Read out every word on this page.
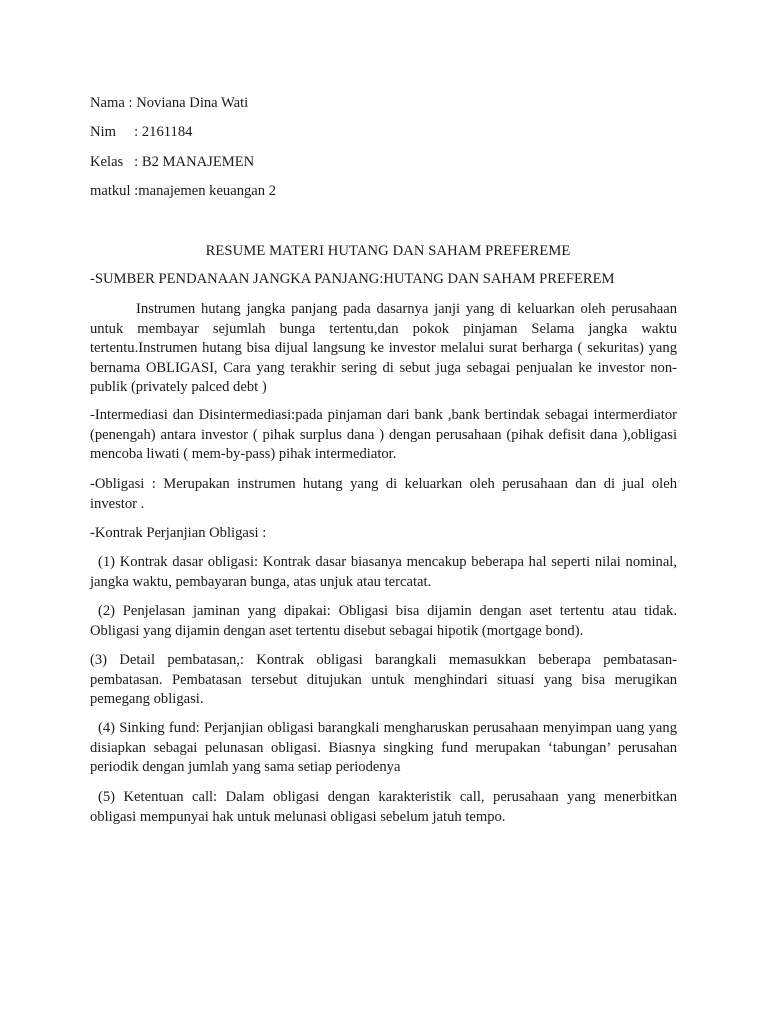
Nama : Noviana Dina Wati
Nim     : 2161184
Kelas   : B2 MANAJEMEN
matkul :manajemen keuangan 2
RESUME MATERI HUTANG DAN SAHAM PREFEREME
-SUMBER PENDANAAN JANGKA PANJANG:HUTANG DAN SAHAM PREFEREM

Instrumen hutang jangka panjang pada dasarnya janji yang di keluarkan oleh perusahaan untuk membayar sejumlah bunga tertentu,dan pokok pinjaman Selama jangka waktu tertentu.Instrumen hutang bisa dijual langsung ke investor melalui surat berharga ( sekuritas) yang bernama OBLIGASI, Cara yang terakhir sering di sebut juga sebagai penjualan ke investor non-publik (privately palced debt )

-Intermediasi dan Disintermediasi:pada pinjaman dari bank ,bank bertindak sebagai intermerdiator (penengah) antara investor ( pihak surplus dana ) dengan perusahaan (pihak defisit dana ),obligasi mencoba liwati ( mem-by-pass) pihak intermediator.

-Obligasi : Merupakan instrumen hutang yang di keluarkan oleh perusahaan dan di jual oleh investor .

-Kontrak Perjanjian Obligasi :

(1) Kontrak dasar obligasi: Kontrak dasar biasanya mencakup beberapa hal seperti nilai nominal, jangka waktu, pembayaran bunga, atas unjuk atau tercatat.

(2) Penjelasan jaminan yang dipakai: Obligasi bisa dijamin dengan aset tertentu atau tidak. Obligasi yang dijamin dengan aset tertentu disebut sebagai hipotik (mortgage bond).

(3) Detail pembatasan,: Kontrak obligasi barangkali memasukkan beberapa pembatasan-pembatasan. Pembatasan tersebut ditujukan untuk menghindari situasi yang bisa merugikan pemegang obligasi.

(4) Sinking fund: Perjanjian obligasi barangkali mengharuskan perusahaan menyimpan uang yang disiapkan sebagai pelunasan obligasi. Biasnya singking fund merupakan ‘tabungan’ perusahan periodik dengan jumlah yang sama setiap periodenya

(5) Ketentuan call: Dalam obligasi dengan karakteristik call, perusahaan yang menerbitkan obligasi mempunyai hak untuk melunasi obligasi sebelum jatuh tempo.
